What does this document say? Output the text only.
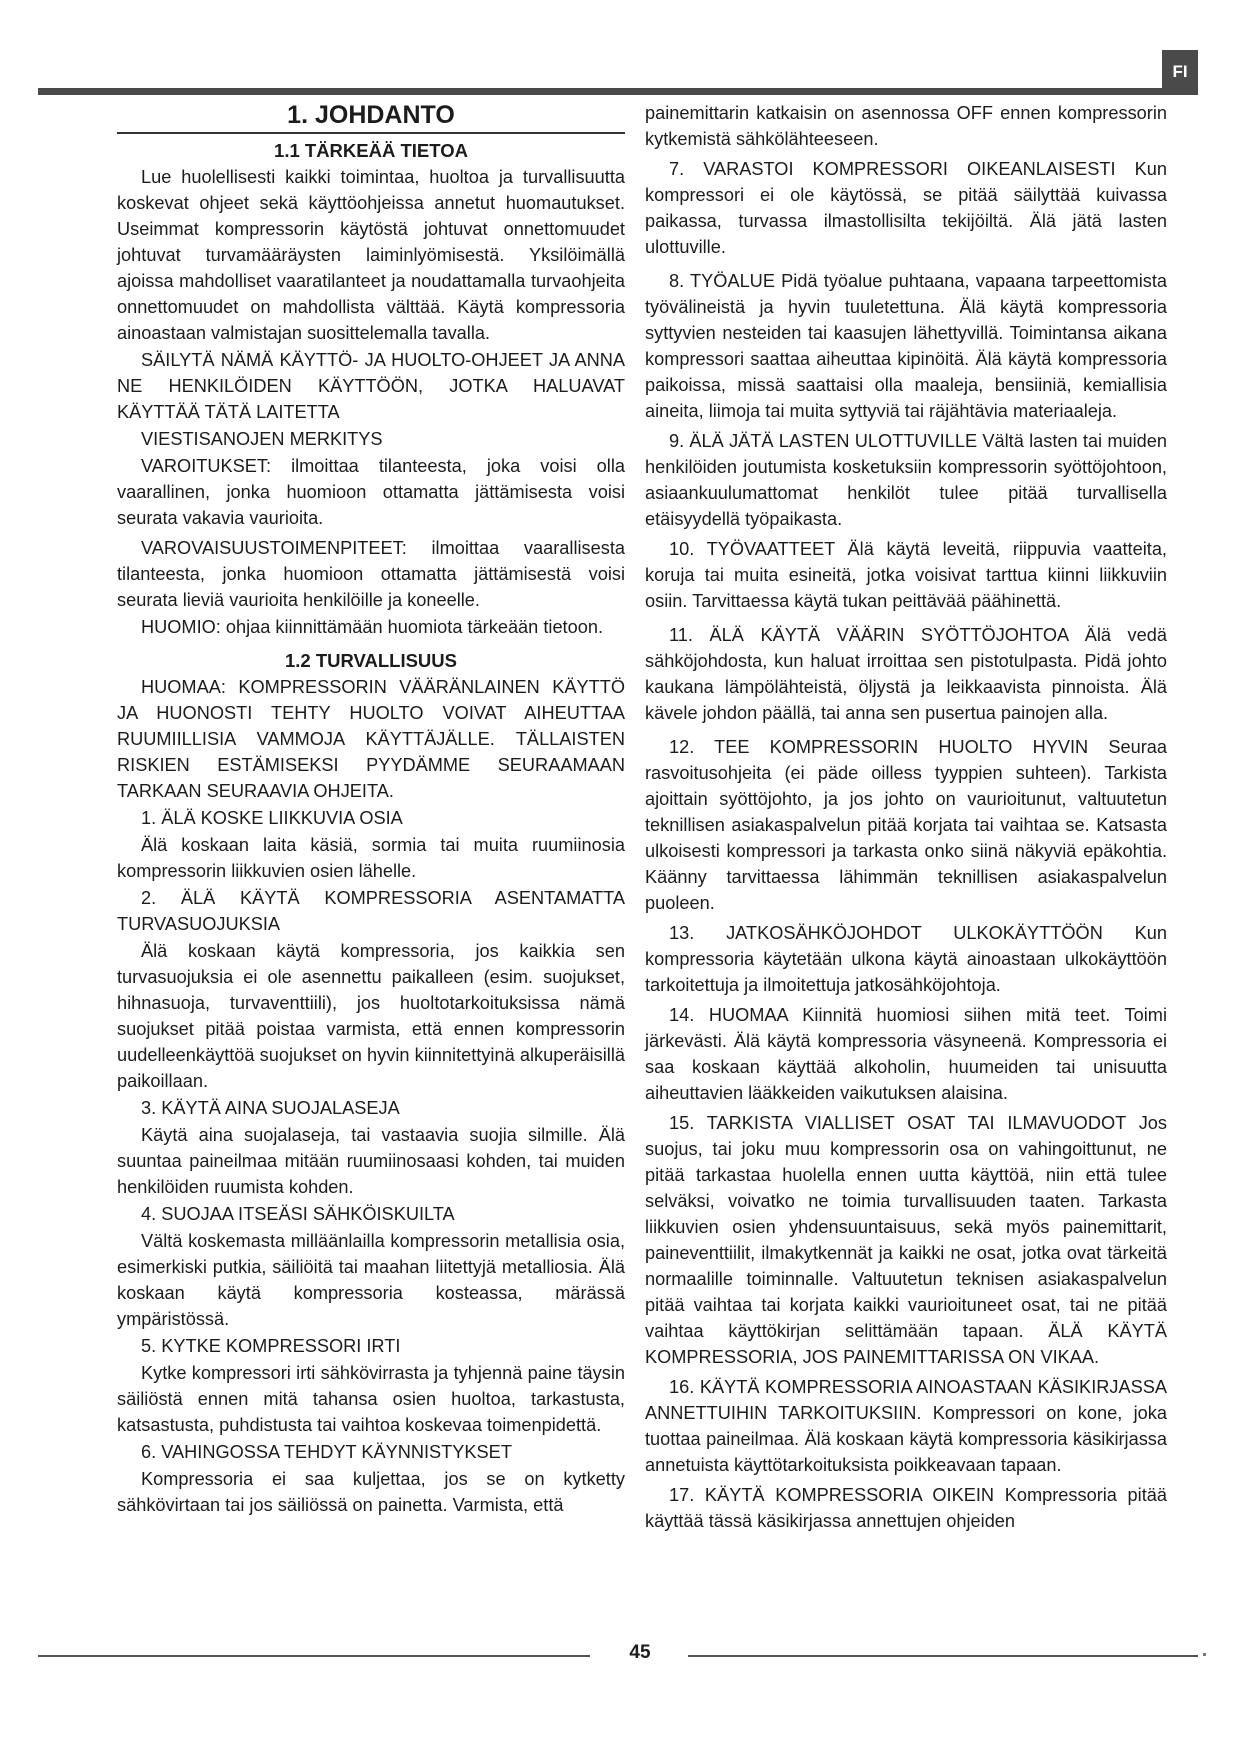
FI
1. JOHDANTO
1.1 TÄRKEÄÄ TIETOA

Lue huolellisesti kaikki toimintaa, huoltoa ja turvallisuutta koskevat ohjeet sekä käyttöohjeissa annetut huomautukset. Useimmat kompressorin käytöstä johtuvat onnettomuudet johtuvat turvamääräysten laiminlyömisestä. Yksilöimällä ajoissa mahdolliset vaaratilanteet ja noudattamalla turvaohjeita onnettomuudet on mahdollista välttää. Käytä kompressoria ainoastaan valmistajan suosittelemalla tavalla.

SÄILYTÄ NÄMÄ KÄYTTÖ- JA HUOLTO-OHJEET JA ANNA NE HENKILÖIDEN KÄYTTÖÖN, JOTKA HALUAVAT KÄYTTÄÄ TÄTÄ LAITETTA

VIESTISANOJEN MERKITYS

VAROITUKSET: ilmoittaa tilanteesta, joka voisi olla vaarallinen, jonka huomioon ottamatta jättämisesta voisi seurata vakavia vaurioita.

VAROVAISUUSTOIMENPITEET: ilmoittaa vaarallisesta tilanteesta, jonka huomioon ottamatta jättämisestä voisi seurata lieviä vaurioita henkilöille ja koneelle.

HUOMIO: ohjaa kiinnittämään huomiota tärkeään tietoon.

1.2 TURVALLISUUS

HUOMAA: KOMPRESSORIN VÄÄRÄNLAINEN KÄYTTÖ JA HUONOSTI TEHTY HUOLTO VOIVAT AIHEUTTAA RUUMIILLISIA VAMMOJA KÄYTTÄJÄLLE. TÄLLAISTEN RISKIEN ESTÄMISEKSI PYYDÄMME SEURAAMAAN TARKAAN SEURAAVIA OHJEITA.

1. ÄLÄ KOSKE LIIKKUVIA OSIA

Älä koskaan laita käsiä, sormia tai muita ruumiinosia kompressorin liikkuvien osien lähelle.

2. ÄLÄ KÄYTÄ KOMPRESSORIA ASENTAMATTA TURVASUOJUKSIA

Älä koskaan käytä kompressoria, jos kaikkia sen turvasuojuksia ei ole asennettu paikalleen (esim. suojukset, hihnasuoja, turvaventtiili), jos huoltotarkoituksissa nämä suojukset pitää poistaa varmista, että ennen kompressorin uudelleenkäyttöä suojukset on hyvin kiinnitettyinä alkuperäisillä paikoillaan.

3. KÄYTÄ AINA SUOJALASEJA

Käytä aina suojalaseja, tai vastaavia suojia silmille. Älä suuntaa paineilmaa mitään ruumiinosaasi kohden, tai muiden henkilöiden ruumista kohden.

4. SUOJAA ITSEÄSI SÄHKÖISKUILTA

Vältä koskemasta milläänlailla kompressorin metallisia osia, esimerkiski putkia, säiliöitä tai maahan liitettyjä metalliosia. Älä koskaan käytä kompressoria kosteassa, märässä ympäristössä.

5. KYTKE KOMPRESSORI IRTI

Kytke kompressori irti sähkövirrasta ja tyhjennä paine täysin säiliöstä ennen mitä tahansa osien huoltoa, tarkastusta, katsastusta, puhdistusta tai vaihtoa koskevaa toimenpidettä.

6. VAHINGOSSA TEHDYT KÄYNNISTYKSET

Kompressoria ei saa kuljettaa, jos se on kytketty sähkövirtaan tai jos säiliössä on painetta. Varmista, että

painemittarin katkaisin on asennossa OFF ennen kompressorin kytkemistä sähkölähteeseen.

7. VARASTOI KOMPRESSORI OIKEANLAISESTI Kun kompressori ei ole käytössä, se pitää säilyttää kuivassa paikassa, turvassa ilmastollisilta tekijöiltä. Älä jätä lasten ulottuville.

8. TYÖALUE Pidä työalue puhtaana, vapaana tarpeettomista työvälineistä ja hyvin tuuletettuna. Älä käytä kompressoria syttyvien nesteiden tai kaasujen lähettyvillä. Toimintansa aikana kompressori saattaa aiheuttaa kipinöitä. Älä käytä kompressoria paikoissa, missä saattaisi olla maaleja, bensiiniä, kemiallisia aineita, liimoja tai muita syttyviä tai räjähtävia materiaaleja.

9. ÄLÄ JÄTÄ LASTEN ULOTTUVILLE Vältä lasten tai muiden henkilöiden joutumista kosketuksiin kompressorin syöttöjohtoon, asiaankuulumattomat henkilöt tulee pitää turvallisella etäisyydellä työpaikasta.

10. TYÖVAATTEET Älä käytä leveitä, riippuvia vaatteita, koruja tai muita esineitä, jotka voisivat tarttua kiinni liikkuviin osiin. Tarvittaessa käytä tukan peittävää päähinettä.

11. ÄLÄ KÄYTÄ VÄÄRIN SYÖTTÖJOHTOA Älä vedä sähköjohdosta, kun haluat irroittaa sen pistotulpasta. Pidä johto kaukana lämpölähteistä, öljystä ja leikkaavista pinnoista. Älä kävele johdon päällä, tai anna sen pusertua painojen alla.

12. TEE KOMPRESSORIN HUOLTO HYVIN Seuraa rasvoitusohjeita (ei päde oilless tyyppien suhteen). Tarkista ajoittain syöttöjohto, ja jos johto on vaurioitunut, valtuutetun teknillisen asiakaspalvelun pitää korjata tai vaihtaa se. Katsasta ulkoisesti kompressori ja tarkasta onko siinä näkyviä epäkohtia. Käänny tarvittaessa lähimmän teknillisen asiakaspalvelun puoleen.

13. JATKOSÄHKÖJOHDOT ULKOKÄYTTÖÖN Kun kompressoria käytetään ulkona käytä ainoastaan ulkokäyttöön tarkoitettuja ja ilmoitettuja jatkosähköjohtoja.

14. HUOMAA Kiinnitä huomiosi siihen mitä teet. Toimi järkevästi. Älä käytä kompressoria väsyneenä. Kompressoria ei saa koskaan käyttää alkoholin, huumeiden tai unisuutta aiheuttavien lääkkeiden vaikutuksen alaisina.

15. TARKISTA VIALLISET OSAT TAI ILMAVUODOT Jos suojus, tai joku muu kompressorin osa on vahingoittunut, ne pitää tarkastaa huolella ennen uutta käyttöä, niin että tulee selväksi, voivatko ne toimia turvallisuuden taaten. Tarkasta liikkuvien osien yhdensuuntaisuus, sekä myös painemittarit, paineventtiilit, ilmakytkennät ja kaikki ne osat, jotka ovat tärkeitä normaalille toiminnalle. Valtuutetun teknisen asiakaspalvelun pitää vaihtaa tai korjata kaikki vaurioituneet osat, tai ne pitää vaihtaa käyttökirjan selittämään tapaan. ÄLÄ KÄYTÄ KOMPRESSORIA, JOS PAINEMITTARISSA ON VIKAA.

16. KÄYTÄ KOMPRESSORIA AINOASTAAN KÄSIKIRJASSA ANNETTUIHIN TARKOITUKSIIN. Kompressori on kone, joka tuottaa paineilmaa. Älä koskaan käytä kompressoria käsikirjassa annetuista käyttötarkoituksista poikkeavaan tapaan.

17. KÄYTÄ KOMPRESSORIA OIKEIN Kompressoria pitää käyttää tässä käsikirjassa annettujen ohjeiden

45
